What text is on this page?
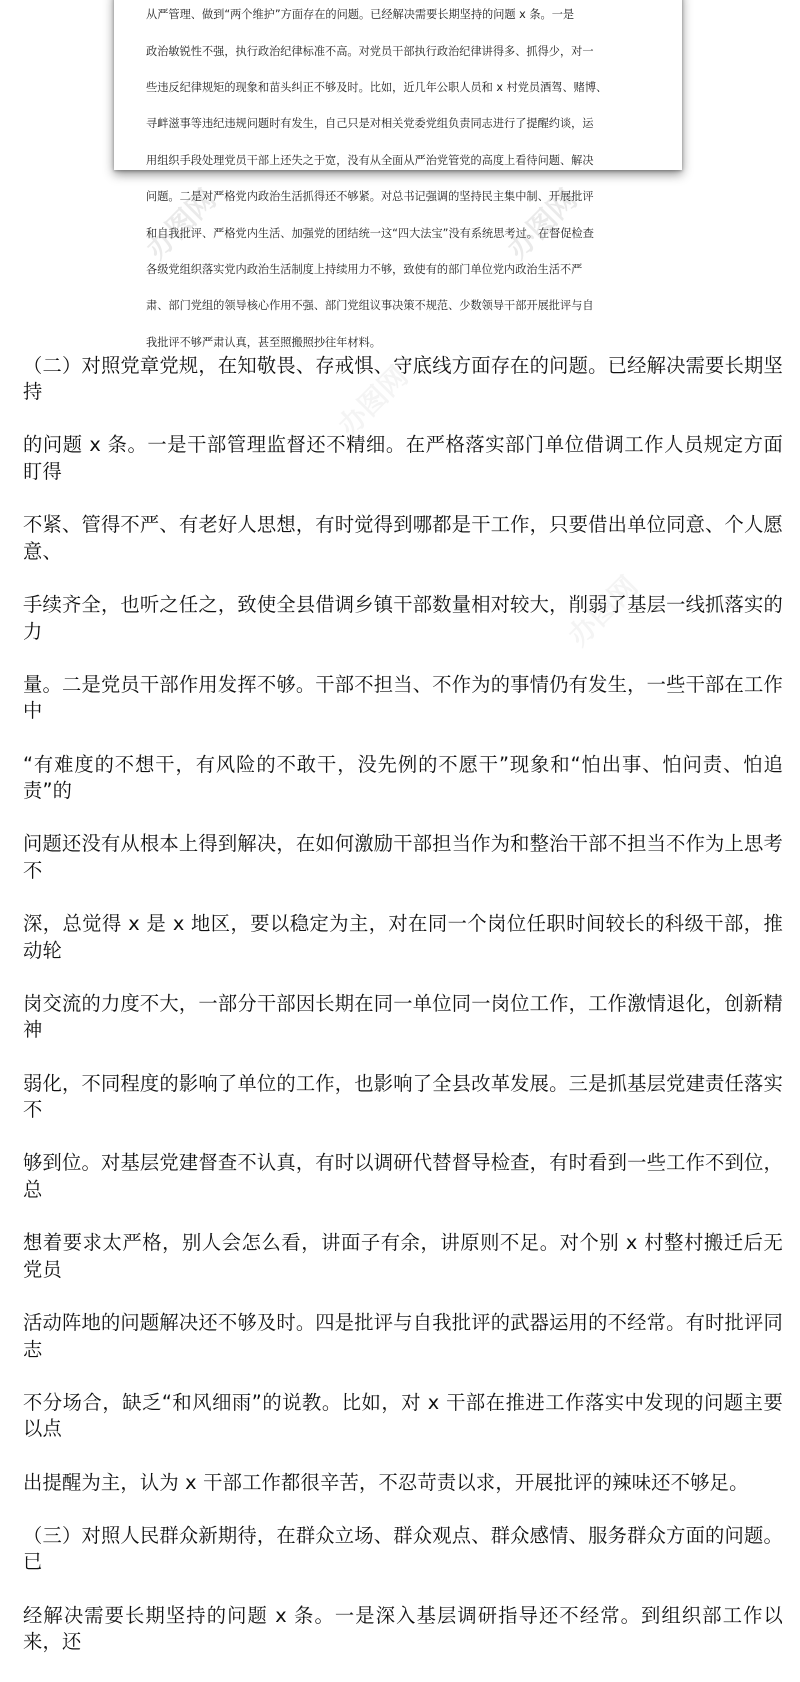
从严管理、做到“两个维护”方面存在的问题。已经解决需要长期坚持的问题 x 条。一是

政治敏锐性不强，执行政治纪律标准不高。对党员干部执行政治纪律讲得多、抓得少，对一

些违反纪律规矩的现象和苗头纠正不够及时。比如，近几年公职人员和 x 村党员酒驾、赌博、

寻衅滋事等违纪违规问题时有发生，自己只是对相关党委党组负责同志进行了提醒约谈，运

用组织手段处理党员干部上还失之于宽，没有从全面从严治党管党的高度上看待问题、解决

问题。二是对严格党内政治生活抓得还不够紧。对总书记强调的坚持民主集中制、开展批评

和自我批评、严格党内生活、加强党的团结统一这“四大法宝”没有系统思考过。在督促检查

各级党组织落实党内政治生活制度上持续用力不够，致使有的部门单位党内政治生活不严

肃、部门党组的领导核心作用不强、部门党组议事决策不规范、少数领导干部开展批评与自

我批评不够严肃认真，甚至照搬照抄往年材料。

办图网	办图网
办图网
办图网

（二）对照党章党规，在知敬畏、存戒惧、守底线方面存在的问题。已经解决需要长期坚持

的问题 x 条。一是干部管理监督还不精细。在严格落实部门单位借调工作人员规定方面盯得

不紧、管得不严、有老好人思想，有时觉得到哪都是干工作，只要借出单位同意、个人愿意、

手续齐全，也听之任之，致使全县借调乡镇干部数量相对较大，削弱了基层一线抓落实的力

量。二是党员干部作用发挥不够。干部不担当、不作为的事情仍有发生，一些干部在工作中

“有难度的不想干，有风险的不敢干，没先例的不愿干”现象和“怕出事、怕问责、怕追责”的

问题还没有从根本上得到解决，在如何激励干部担当作为和整治干部不担当不作为上思考不

深，总觉得 x 是 x 地区，要以稳定为主，对在同一个岗位任职时间较长的科级干部，推动轮

岗交流的力度不大，一部分干部因长期在同一单位同一岗位工作，工作激情退化，创新精神

弱化，不同程度的影响了单位的工作，也影响了全县改革发展。三是抓基层党建责任落实不

够到位。对基层党建督查不认真，有时以调研代替督导检查，有时看到一些工作不到位，总

想着要求太严格，别人会怎么看，讲面子有余，讲原则不足。对个别 x 村整村搬迁后无党员

活动阵地的问题解决还不够及时。四是批评与自我批评的武器运用的不经常。有时批评同志

不分场合，缺乏“和风细雨”的说教。比如，对 x 干部在推进工作落实中发现的问题主要以点

出提醒为主，认为 x 干部工作都很辛苦，不忍苛责以求，开展批评的辣味还不够足。

（三）对照人民群众新期待，在群众立场、群众观点、群众感情、服务群众方面的问题。已

经解决需要长期坚持的问题 x 条。一是深入基层调研指导还不经常。到组织部工作以来，还
